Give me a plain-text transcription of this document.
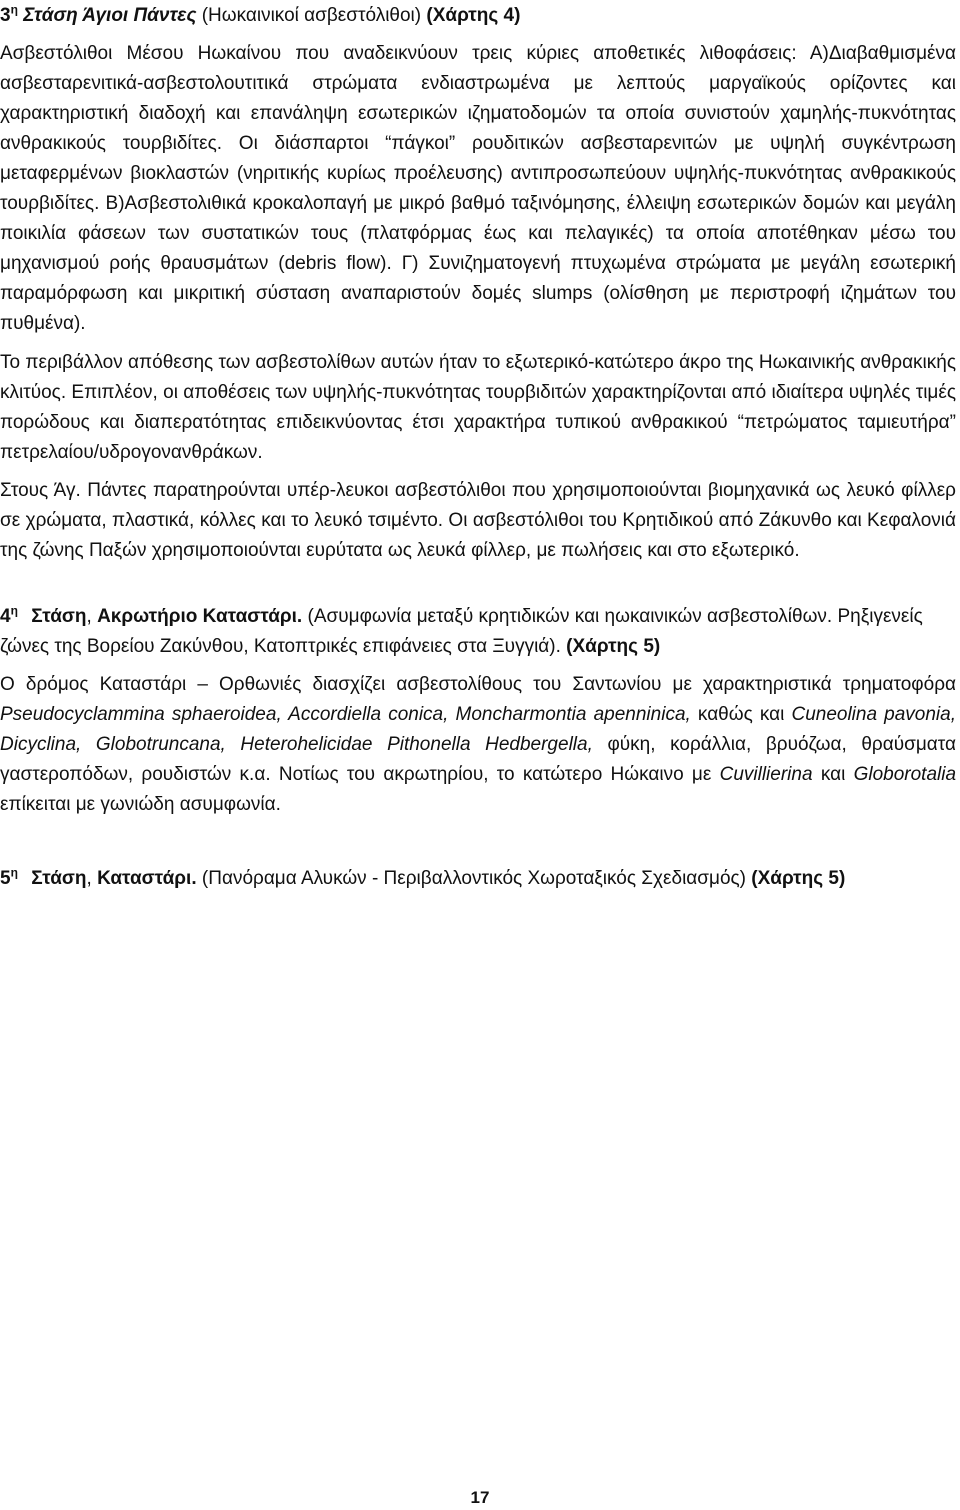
$3^\eta$ Στάση Άγιοι Πάντες (Ηωκαινικοί ασβεστόλιθοι) (Χάρτης 4)

Ασβεστόλιθοι Μέσου Ηωκαίνου που αναδεικνύουν τρεις κύριες αποθετικές λιθοφάσεις: Α)Διαβαθμισμένα ασβεσταρενιτικά-ασβεστολουτιτικά στρώματα ενδιαστρωμένα με λεπτούς μαργαϊκούς ορίζοντες και χαρακτηριστική διαδοχή και επανάληψη εσωτερικών ιζηματοδομών τα οποία συνιστούν χαμηλής-πυκνότητας ανθρακικούς τουρβιδίτες. Οι διάσπαρτοι “πάγκοι” ρουδιτικών ασβεσταρενιτών με υψηλή συγκέντρωση μεταφερμένων βιοκλαστών (νηριτικής κυρίως προέλευσης) αντιπροσωπεύουν υψηλής-πυκνότητας ανθρακικούς τουρβιδίτες. Β)Ασβεστολιθικά κροκαλοπαγή με μικρό βαθμό ταξινόμησης, έλλειψη εσωτερικών δομών και μεγάλη ποικιλία φάσεων των συστατικών τους (πλατφόρμας έως και πελαγικές) τα οποία αποτέθηκαν μέσω του μηχανισμού ροής θραυσμάτων (debris flow). Γ) Συνιζηματογενή πτυχωμένα στρώματα με μεγάλη εσωτερική παραμόρφωση και μικριτική σύσταση αναπαριστούν δομές slumps (ολίσθηση με περιστροφή ιζημάτων του πυθμένα).

Το περιβάλλον απόθεσης των ασβεστολίθων αυτών ήταν το εξωτερικό-κατώτερο άκρο της Ηωκαινικής ανθρακικής κλιτύος. Επιπλέον, οι αποθέσεις των υψηλής-πυκνότητας τουρβιδιτών χαρακτηρίζονται από ιδιαίτερα υψηλές τιμές πορώδους και διαπερατότητας επιδεικνύοντας έτσι χαρακτήρα τυπικού ανθρακικού “πετρώματος ταμιευτήρα” πετρελαίου/υδρογονανθράκων.

Στους Άγ. Πάντες παρατηρούνται υπέρ-λευκοι ασβεστόλιθοι που χρησιμοποιούνται βιομηχανικά ως λευκό φίλλερ σε χρώματα, πλαστικά, κόλλες και το λευκό τσιμέντο. Οι ασβεστόλιθοι του Κρητιδικού από Ζάκυνθο και Κεφαλονιά της ζώνης Παξών χρησιμοποιούνται ευρύτατα ως λευκά φίλλερ, με πωλήσεις και στο εξωτερικό.

$4^\eta$ Στάση, Ακρωτήριο Καταστάρι. (Ασυμφωνία μεταξύ κρητιδικών και ηωκαινικών ασβεστολίθων. Ρηξιγενείς ζώνες της Βορείου Ζακύνθου, Κατοπτρικές επιφάνειες στα Ξυγγιά). (Χάρτης 5)

Ο δρόμος Καταστάρι – Ορθωνιές διασχίζει ασβεστολίθους του Σαντωνίου με χαρακτηριστικά τρηματοφόρα Pseudocyclammina sphaeroidea, Accordiella conica, Moncharmontia apenninica, καθώς και Cuneolina pavonia, Dicyclina, Globotruncana, Heterohelicidae Pithonella Hedbergella, φύκη, κοράλλια, βρυόζωα, θραύσματα γαστεροπόδων, ρουδιστών κ.α. Νοτίως του ακρωτηρίου, το κατώτερο Ηώκαινο με Cuvillierina και Globorotalia επίκειται με γωνιώδη ασυμφωνία.

$5^\eta$ Στάση, Καταστάρι. (Πανόραμα Αλυκών - Περιβαλλοντικός Χωροταξικός Σχεδιασμός) (Χάρτης 5)
17
